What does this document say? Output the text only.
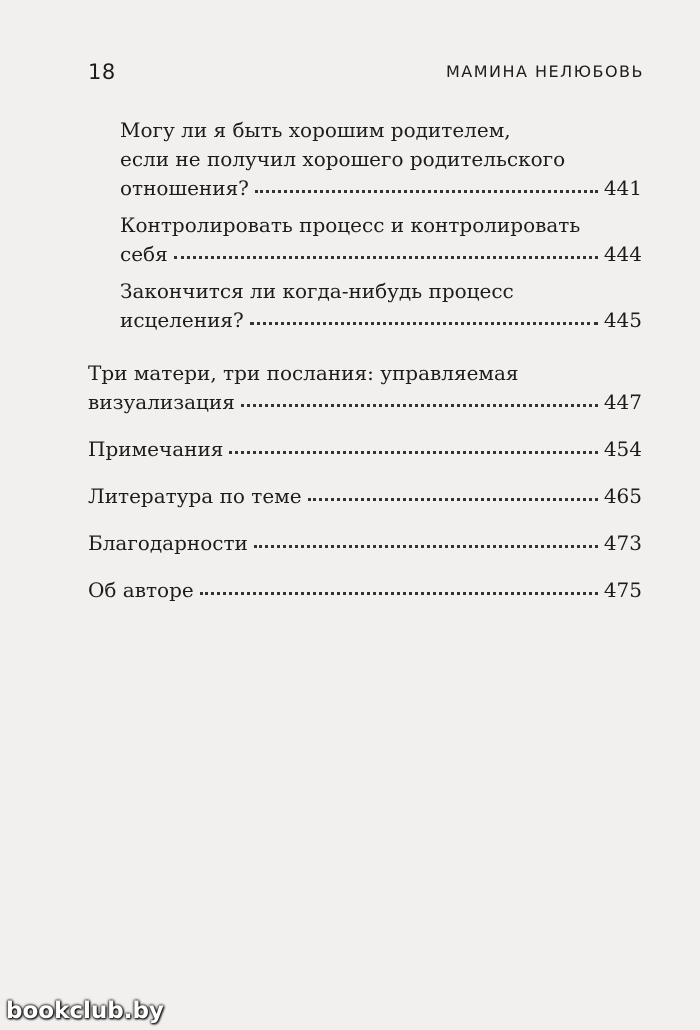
18	МАМИНА НЕЛЮБОВЬ
Могу ли я быть хорошим родителем,
если не получил хорошего родительского
отношения?	441
Контролировать процесс и контролировать
себя	444
Закончится ли когда-нибудь процесс
исцеления?	445
Три матери, три послания: управляемая
визуализация	447
Примечания	454
Литература по теме	465
Благодарности	473
Об авторе	475
bookclub.by
